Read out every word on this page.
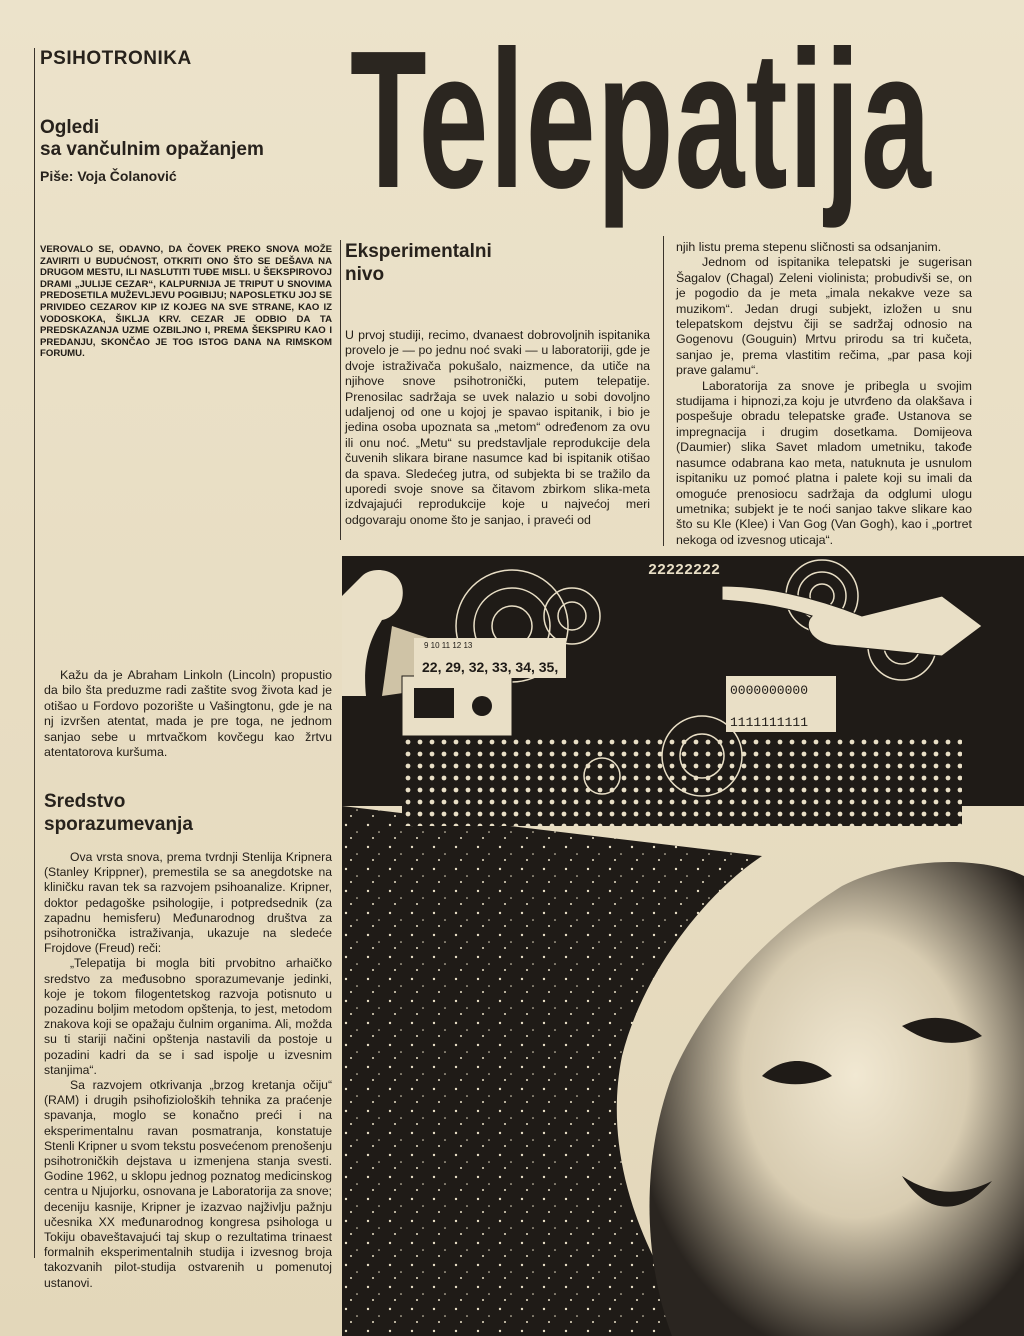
PSIHOTRONIKA
Ogledi
sa vančulnim opažanjem
Piše: Voja Čolanović Telepatija
VEROVALO SE, ODAVNO, DA ČOVEK PREKO SNOVA MOŽE ZAVIRITI U BUDUĆNOST, OTKRITI ONO ŠTO SE DEŠAVA NA DRUGOM MESTU, ILI NASLUTITI TUĐE MISLI. U ŠEKSPIROVOJ DRAMI „JULIJE CEZAR“, KALPURNIJA JE TRIPUT U SNOVIMA PREDOSETILA MUŽEVLJEVU POGIBIJU; NAPOSLETKU JOJ SE PRIVIDEO CEZAROV KIP IZ KOJEG NA SVE STRANE, KAO IZ VODOSKOKA, ŠIKLJA KRV. CEZAR JE ODBIO DA TA PREDSKAZANJA UZME OZBILJNO I, PREMA ŠEKSPIRU KAO I PREDANJU, SKONČAO JE TOG ISTOG DANA NA RIMSKOM FORUMU.
Eksperimentalni
nivo

U prvoj studiji, recimo, dvanaest dobrovoljnih ispitanika provelo je — po jednu noć svaki — u laboratoriji, gde je dvoje istraživača pokušalo, naizmence, da utiče na njihove snove psihotronički, putem telepatije. Prenosilac sadržaja se uvek nalazio u sobi dovoljno udaljenoj od one u kojoj je spavao ispitanik, i bio je jedina osoba upoznata sa „metom“ određenom za ovu ili onu noć. „Metu“ su predstavljale reprodukcije dela čuvenih slikara birane nasumce kad bi ispitanik otišao da spava. Sledećeg jutra, od subjekta bi se tražilo da uporedi svoje snove sa čitavom zbirkom slika-meta izdvajajući reprodukcije koje u najvećoj meri odgovaraju onome što je sanjao, i praveći od

njih listu prema stepenu sličnosti sa odsanjanim.

Jednom od ispitanika telepatski je sugerisan Šagalov (Chagal) Zeleni violinista; probudivši se, on je pogodio da je meta „imala nekakve veze sa muzikom“. Jedan drugi subjekt, izložen u snu telepatskom dejstvu čiji se sadržaj odnosio na Gogenovu (Gouguin) Mrtvu prirodu sa tri kučeta, sanjao je, prema vlastitim rečima, „par pasa koji prave galamu“.

Laboratorija za snove je pribegla u svojim studijama i hipnozi,za koju je utvrđeno da olakšava i pospešuje obradu telepatske građe. Ustanova se impregnacija i drugim dosetkama. Domijeova (Daumier) slika Savet mladom umetniku, takođe nasumce odabrana kao meta, natuknuta je usnulom ispitaniku uz pomoć platna i palete koji su imali da omoguće prenosiocu sadržaja da odglumi ulogu umetnika; subjekt je te noći sanjao takve slikare kao što su Kle (Klee) i Van Gog (Van Gogh), kao i „portret nekoga od izvesnog uticaja“.

Kažu da je Abraham Linkoln (Lincoln) propustio da bilo šta preduzme radi zaštite svog života kad je otišao u Fordovo pozorište u Vašingtonu, gde je na nj izvršen atentat, mada je pre toga, ne jednom sanjao sebe u mrtvačkom kovčegu kao žrtvu atentatorova kuršuma.

Sredstvo
sporazumevanja

Ova vrsta snova, prema tvrdnji Stenlija Kripnera (Stanley Krippner), premestila se sa anegdotske na kliničku ravan tek sa razvojem psihoanalize. Kripner, doktor pedagoške psihologije, i potpredsednik (za zapadnu hemisferu) Međunarodnog društva za psihotronička istraživanja, ukazuje na sledeće Frojdove (Freud) reči:

„Telepatija bi mogla biti prvobitno arhaičko sredstvo za međusobno sporazumevanje jedinki, koje je tokom filogentetskog razvoja potisnuto u pozadinu boljim metodom opštenja, to jest, metodom znakova koji se opažaju čulnim organima. Ali, možda su ti stariji načini opštenja nastavili da postoje u pozadini kadri da se i sad ispolje u izvesnim stanjima“.

Sa razvojem otkrivanja „brzog kretanja očiju“ (RAM) i drugih psihofizioloških tehnika za praćenje spavanja, moglo se konačno preći i na eksperimentalnu ravan posmatranja, konstatuje Stenli Kripner u svom tekstu posvećenom prenošenju psihotroničkih dejstava u izmenjena stanja svesti. Godine 1962, u sklopu jednog poznatog medicinskog centra u Njujorku, osnovana je Laboratorija za snove; deceniju kasnije, Kripner je izazvao najživlju pažnju učesnika XX međunarodnog kongresa psihologa u Tokiju obaveštavajući taj skup o rezultatima trinaest formalnih eksperimentalnih studija i izvesnog broja takozvanih pilot-studija ostvarenih u pomenutoj ustanovi.

22222222
9 10 11 12 13
22, 29, 32, 33, 34, 35,
0000000000
1111111111
